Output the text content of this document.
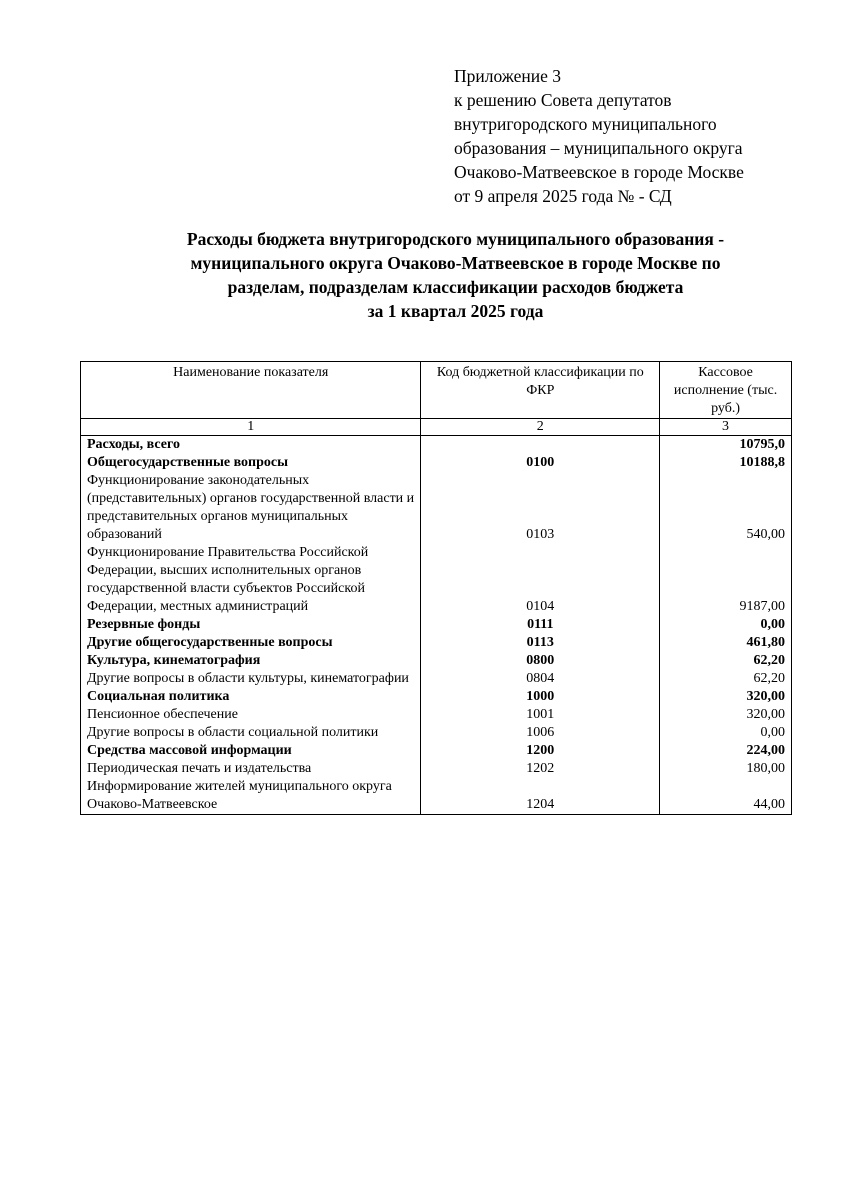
Приложение 3
к решению Совета депутатов
внутригородского муниципального
образования – муниципального округа
Очаково-Матвеевское в городе Москве
от 9 апреля 2025 года № - СД
Расходы бюджета внутригородского муниципального образования -
муниципального округа Очаково-Матвеевское в городе Москве по
разделам, подразделам классификации расходов бюджета
за 1 квартал 2025 года
Наименование показателя	Код бюджетной классификации по ФКР	Кассовое исполнение (тыс. руб.)
1	2	3
Расходы, всего		10795,0
Общегосударственные вопросы	0100	10188,8
Функционирование законодательных (представительных) органов государственной власти и представительных органов муниципальных образований	0103	540,00
Функционирование Правительства Российской Федерации, высших исполнительных органов государственной власти субъектов Российской Федерации, местных администраций	0104	9187,00
Резервные фонды	0111	0,00
Другие общегосударственные вопросы	0113	461,80
Культура, кинематография	0800	62,20
Другие вопросы в области культуры, кинематографии	0804	62,20
Социальная политика	1000	320,00
Пенсионное обеспечение	1001	320,00
Другие вопросы в области социальной политики	1006	0,00
Средства массовой информации	1200	224,00
Периодическая печать и издательства	1202	180,00
Информирование жителей муниципального округа Очаково-Матвеевское	1204	44,00
